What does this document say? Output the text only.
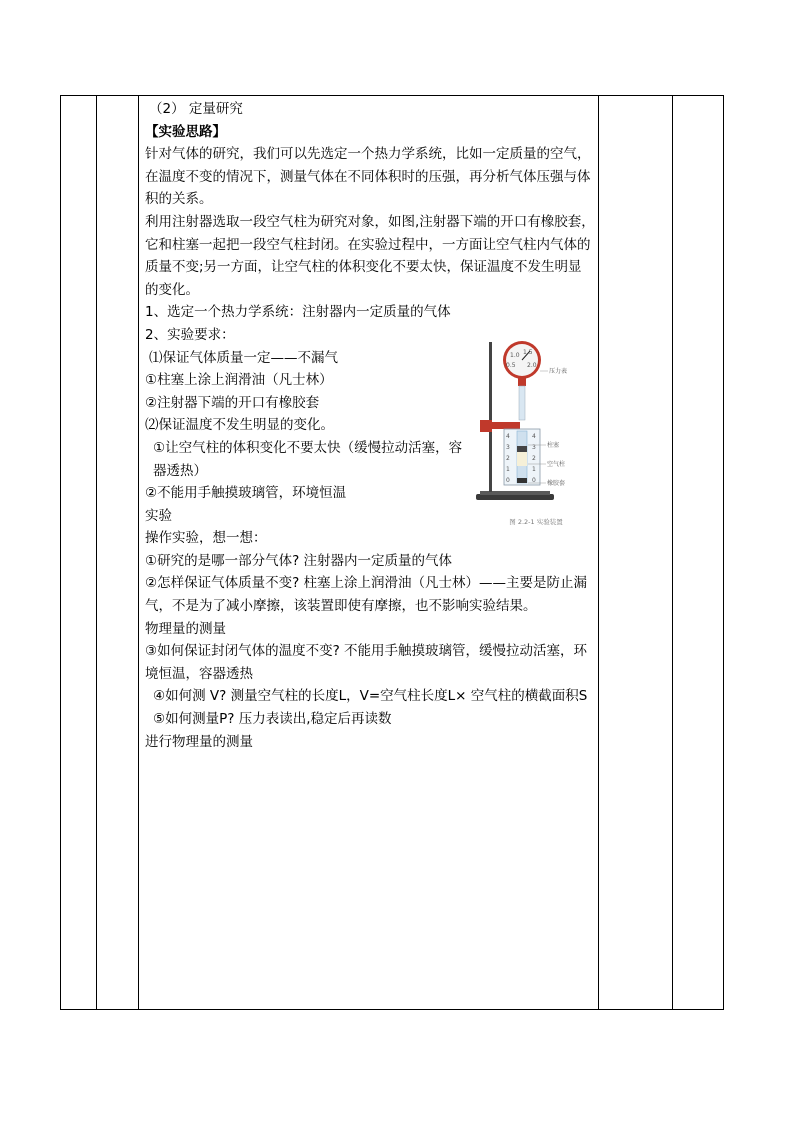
（2） 定量研究

【实验思路】

针对气体的研究，我们可以先选定一个热力学系统，比如一定质量的空气，在温度不变的情况下，测量气体在不同体积时的压强，再分析气体压强与体积的关系。

利用注射器选取一段空气柱为研究对象，如图,注射器下端的开口有橡胶套，它和柱塞一起把一段空气柱封闭。在实验过程中，一方面让空气柱内气体的质量不变;另一方面，让空气柱的体积变化不要太快，保证温度不发生明显的变化。

1、选定一个热力学系统：注射器内一定质量的气体

2、实验要求：

⑴保证气体质量一定——不漏气

①柱塞上涂上润滑油（凡士林）

②注射器下端的开口有橡胶套

⑵保证温度不发生明显的变化。

①让空气柱的体积变化不要太快（缓慢拉动活塞，容器透热）

②不能用手触摸玻璃管，环境恒温

实验

操作实验，想一想：

①研究的是哪一部分气体? 注射器内一定质量的气体

②怎样保证气体质量不变? 柱塞上涂上润滑油（凡士林）——主要是防止漏气，不是为了减小摩擦，该装置即使有摩擦，也不影响实验结果。

物理量的测量

③如何保证封闭气体的温度不变? 不能用手触摸玻璃管，缓慢拉动活塞，环境恒温，容器透热

④如何测 V? 测量空气柱的长度L，V=空气柱长度L× 空气柱的横截面积S

⑤如何测量P? 压力表读出,稳定后再读数

进行物理量的测量

1.0 1.5
0.5 2.0
4
3
2
1
0
4
3
2
1
0
压力表
柱塞
空气柱
橡胶套
图 2.2-1 实验装置
